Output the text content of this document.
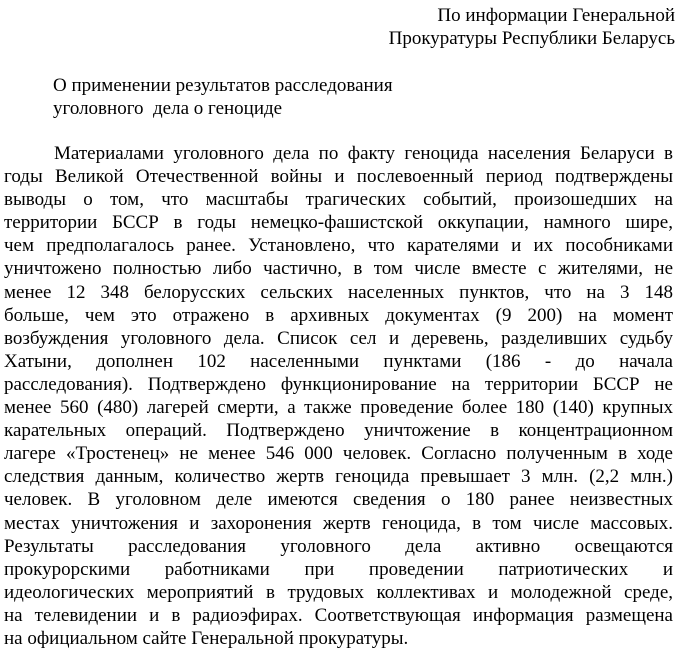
По информации Генеральной
Прокуратуры Республики Беларусь
О применении результатов расследования
уголовного  дела о геноциде
Материалами уголовного дела по факту геноцида населения Беларуси в
годы Великой Отечественной войны и послевоенный период подтверждены
выводы о том, что масштабы трагических событий, произошедших на
территории БССР в годы немецко-фашистской оккупации, намного шире,
чем предполагалось ранее. Установлено, что карателями и их пособниками
уничтожено полностью либо частично, в том числе вместе с жителями, не
менее 12 348 белорусских сельских населенных пунктов, что на 3 148
больше, чем это отражено в архивных документах (9 200) на момент
возбуждения уголовного дела. Список сел и деревень, разделивших судьбу
Хатыни, дополнен 102 населенными пунктами (186 - до начала
расследования). Подтверждено функционирование на территории БССР не
менее 560 (480) лагерей смерти, а также проведение более 180 (140) крупных
карательных операций. Подтверждено уничтожение в концентрационном
лагере «Тростенец» не менее 546 000 человек. Согласно полученным в ходе
следствия данным, количество жертв геноцида превышает 3 млн. (2,2 млн.)
человек. В уголовном деле имеются сведения о 180 ранее неизвестных
местах уничтожения и захоронения жертв геноцида, в том числе массовых.
Результаты расследования уголовного дела активно освещаются
прокурорскими работниками при проведении патриотических и
идеологических мероприятий в трудовых коллективах и молодежной среде,
на телевидении и в радиоэфирах. Соответствующая информация размещена
на официальном сайте Генеральной прокуратуры.
